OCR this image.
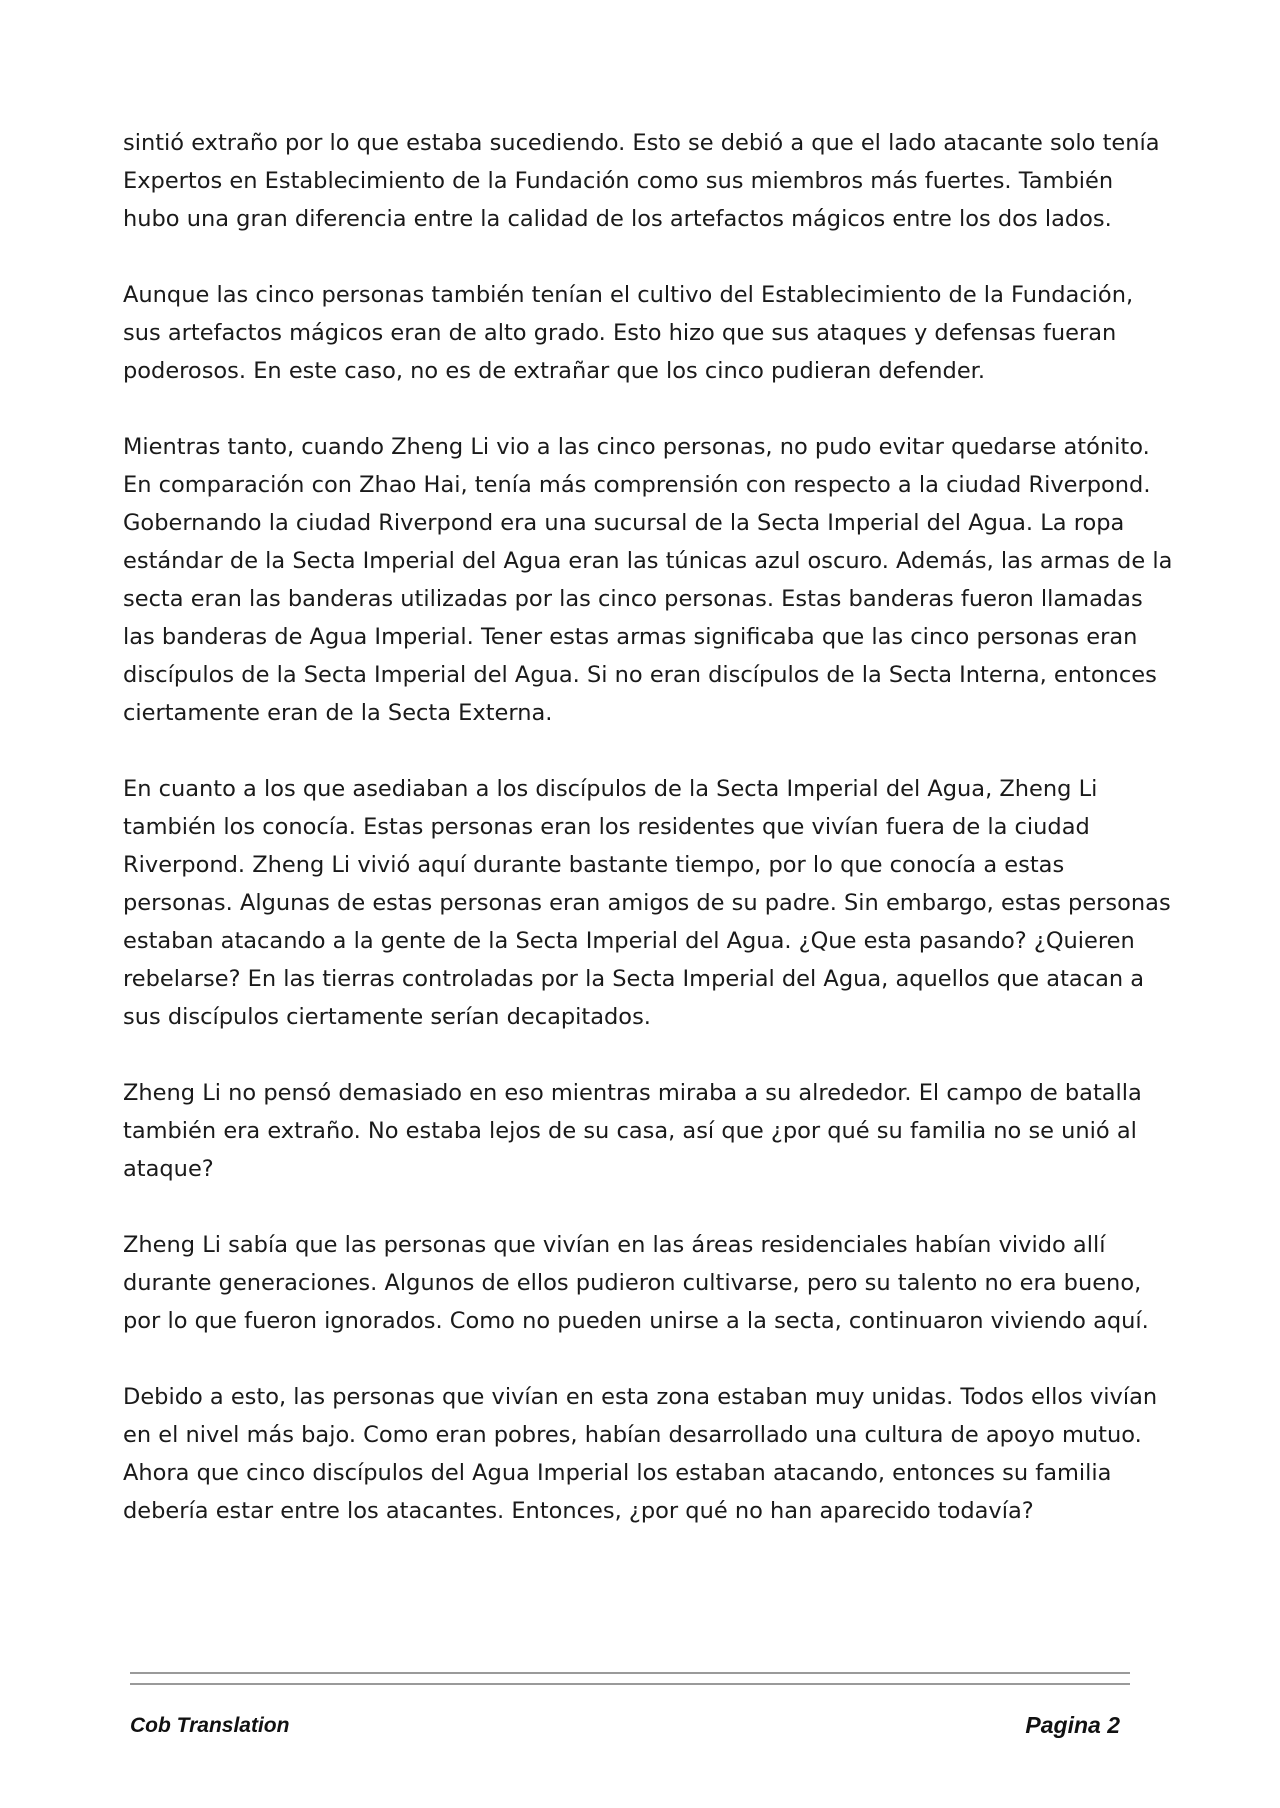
sintió extraño por lo que estaba sucediendo. Esto se debió a que el lado atacante solo tenía Expertos en Establecimiento de la Fundación como sus miembros más fuertes. También hubo una gran diferencia entre la calidad de los artefactos mágicos entre los dos lados.

Aunque las cinco personas también tenían el cultivo del Establecimiento de la Fundación, sus artefactos mágicos eran de alto grado. Esto hizo que sus ataques y defensas fueran poderosos. En este caso, no es de extrañar que los cinco pudieran defender.

Mientras tanto, cuando Zheng Li vio a las cinco personas, no pudo evitar quedarse atónito. En comparación con Zhao Hai, tenía más comprensión con respecto a la ciudad Riverpond. Gobernando la ciudad Riverpond era una sucursal de la Secta Imperial del Agua. La ropa estándar de la Secta Imperial del Agua eran las túnicas azul oscuro. Además, las armas de la secta eran las banderas utilizadas por las cinco personas. Estas banderas fueron llamadas las banderas de Agua Imperial. Tener estas armas significaba que las cinco personas eran discípulos de la Secta Imperial del Agua. Si no eran discípulos de la Secta Interna, entonces ciertamente eran de la Secta Externa.

En cuanto a los que asediaban a los discípulos de la Secta Imperial del Agua, Zheng Li también los conocía. Estas personas eran los residentes que vivían fuera de la ciudad Riverpond. Zheng Li vivió aquí durante bastante tiempo, por lo que conocía a estas personas. Algunas de estas personas eran amigos de su padre. Sin embargo, estas personas estaban atacando a la gente de la Secta Imperial del Agua. ¿Que esta pasando? ¿Quieren rebelarse? En las tierras controladas por la Secta Imperial del Agua, aquellos que atacan a sus discípulos ciertamente serían decapitados.

Zheng Li no pensó demasiado en eso mientras miraba a su alrededor. El campo de batalla también era extraño. No estaba lejos de su casa, así que ¿por qué su familia no se unió al ataque?

Zheng Li sabía que las personas que vivían en las áreas residenciales habían vivido allí durante generaciones. Algunos de ellos pudieron cultivarse, pero su talento no era bueno, por lo que fueron ignorados. Como no pueden unirse a la secta, continuaron viviendo aquí.

Debido a esto, las personas que vivían en esta zona estaban muy unidas. Todos ellos vivían en el nivel más bajo. Como eran pobres, habían desarrollado una cultura de apoyo mutuo. Ahora que cinco discípulos del Agua Imperial los estaban atacando, entonces su familia debería estar entre los atacantes. Entonces, ¿por qué no han aparecido todavía?

Cob Translation	Pagina 2
